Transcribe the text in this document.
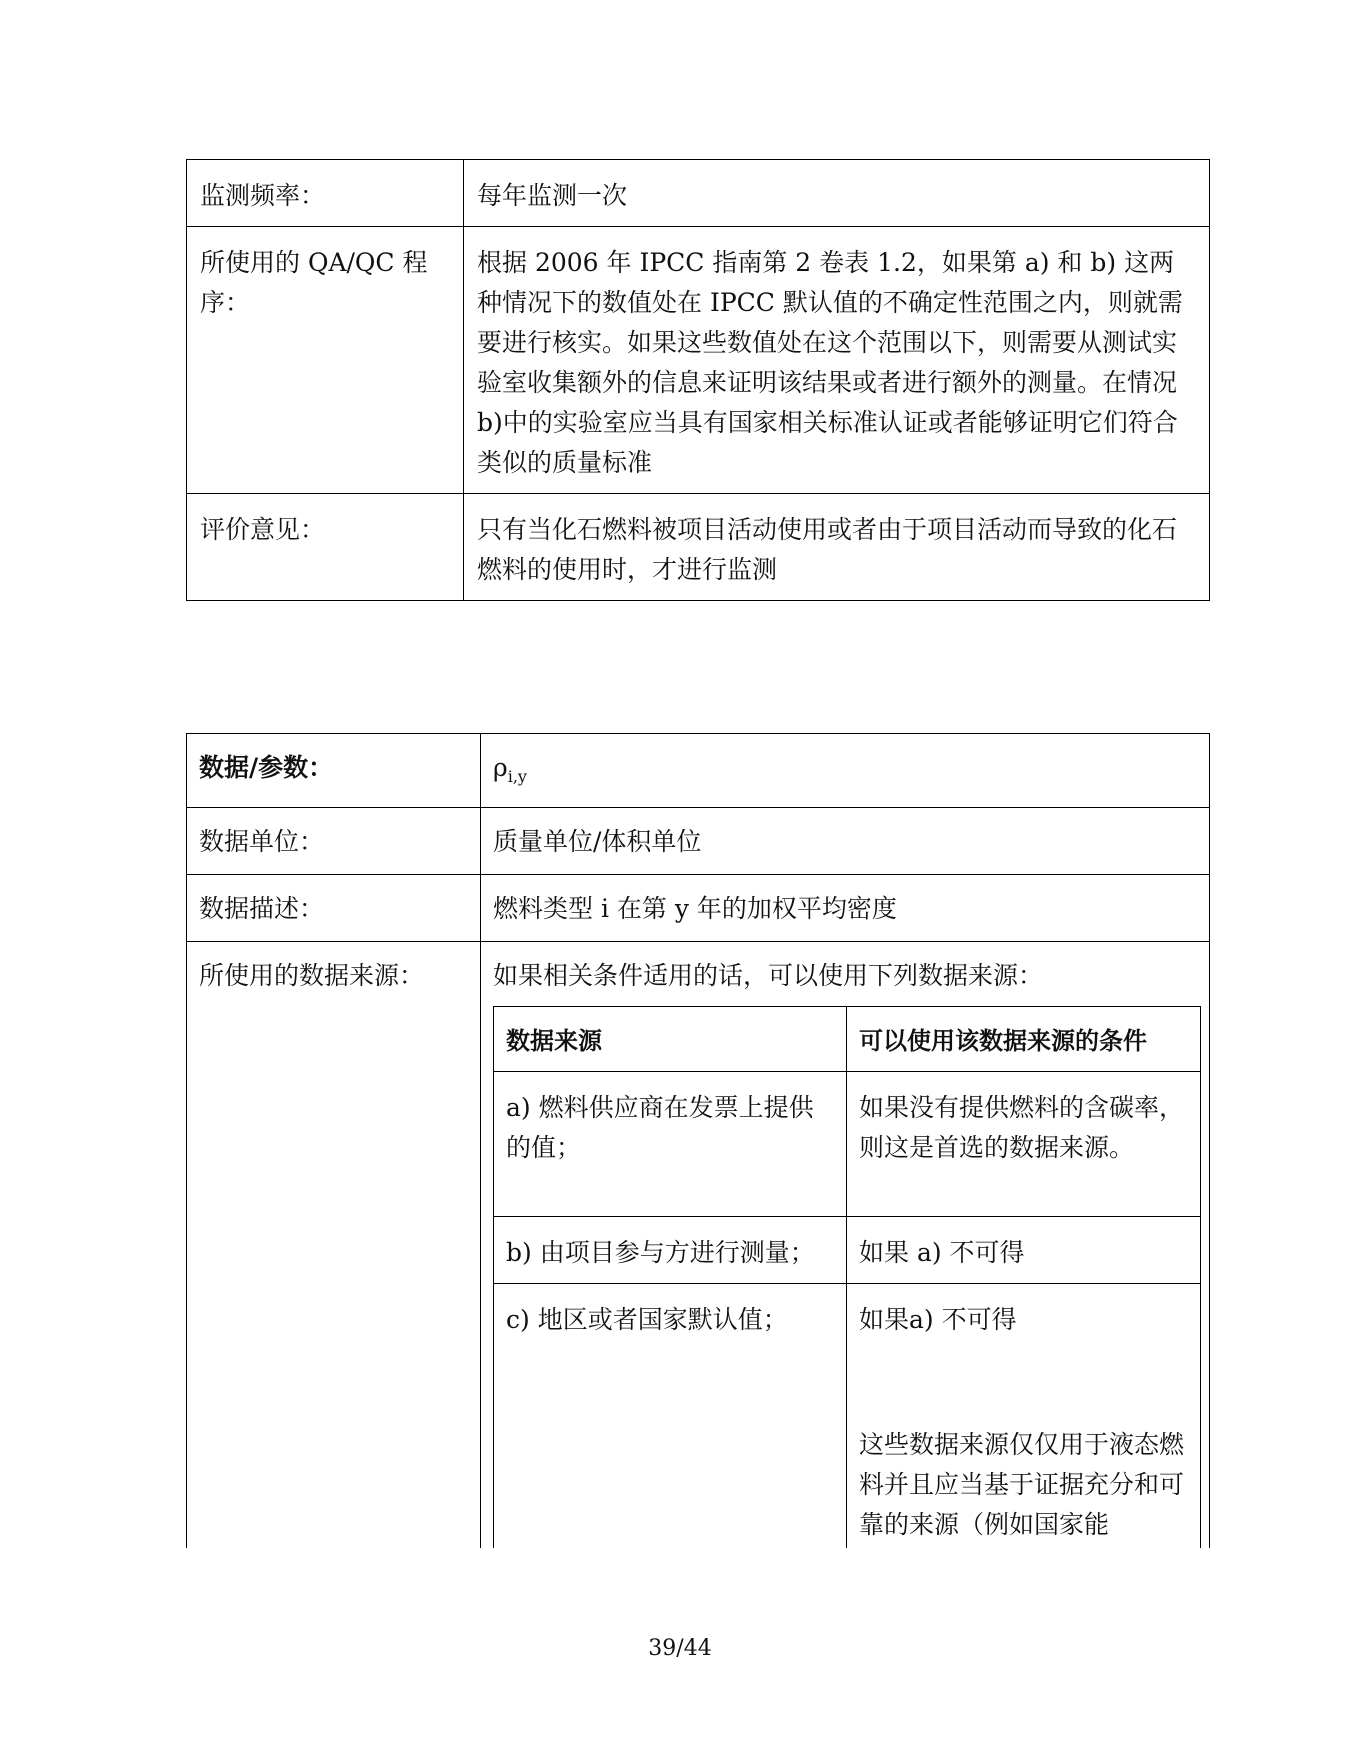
监测频率：	每年监测一次
所使用的 QA/QC 程序：	根据 2006 年 IPCC 指南第 2 卷表 1.2，如果第 a) 和 b) 这两种情况下的数值处在 IPCC 默认值的不确定性范围之内，则就需要进行核实。如果这些数值处在这个范围以下，则需要从测试实验室收集额外的信息来证明该结果或者进行额外的测量。在情况 b)中的实验室应当具有国家相关标准认证或者能够证明它们符合类似的质量标准
评价意见：	只有当化石燃料被项目活动使用或者由于项目活动而导致的化石燃料的使用时，才进行监测
数据/参数：	$\rho_{i,y}$
数据单位：	质量单位/体积单位
数据描述：	燃料类型 i 在第 y 年的加权平均密度
所使用的数据来源：	如果相关条件适用的话，可以使用下列数据来源：
数据来源	可以使用该数据来源的条件
a) 燃料供应商在发票上提供的值；	如果没有提供燃料的含碳率，则这是首选的数据来源。
b) 由项目参与方进行测量；	如果 a) 不可得
c) 地区或者国家默认值；	如果a) 不可得
这些数据来源仅仅用于液态燃料并且应当基于证据充分和可靠的来源（例如国家能
39/44
